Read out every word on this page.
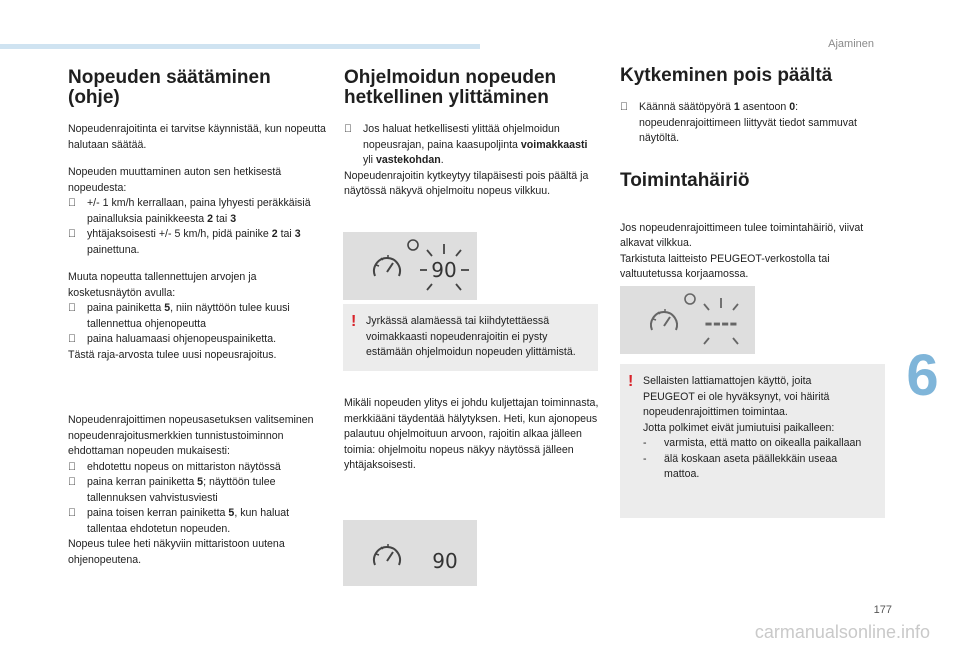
Ajaminen
6
177
carmanualsonline.info
Nopeuden säätäminen
(ohje)

Nopeudenrajoitinta ei tarvitse käynnistää, kun nopeutta halutaan säätää.

Nopeuden muuttaminen auton sen hetkisestä
nopeudesta:
+/- 1 km/h kerrallaan, paina lyhyesti peräkkäisiä painalluksia painikkeesta 2 tai 3
yhtäjaksoisesti +/- 5 km/h, pidä painike 2 tai 3 painettuna.
Muuta nopeutta tallennettujen arvojen ja
kosketusnäytön avulla:
paina painiketta 5, niin näyttöön tulee kuusi tallennettua ohjenopeutta
paina haluamaasi ohjenopeuspainiketta.
Tästä raja-arvosta tulee uusi nopeusrajoitus.
Nopeudenrajoittimen nopeusasetuksen valitseminen nopeudenrajoitusmerkkien tunnistustoiminnon ehdottaman nopeuden mukaisesti:
ehdotettu nopeus on mittariston näytössä
paina kerran painiketta 5; näyttöön tulee tallennuksen vahvistusviesti
paina toisen kerran painiketta 5, kun haluat tallentaa ehdotetun nopeuden.
Nopeus tulee heti näkyviin mittaristoon uutena ohjenopeutena.
Ohjelmoidun nopeuden
hetkellinen ylittäminen
Jos haluat hetkellisesti ylittää ohjelmoidun nopeusrajan, paina kaasupoljinta voimakkaasti yli vastekohdan.
Nopeudenrajoitin kytkeytyy tilapäisesti pois päältä ja näytössä näkyvä ohjelmoitu nopeus vilkkuu.
90
! Jyrkässä alamäessä tai kiihdytettäessä voimakkaasti nopeudenrajoitin ei pysty estämään ohjelmoidun nopeuden ylittämistä.
Mikäli nopeuden ylitys ei johdu kuljettajan toiminnasta, merkkiääni täydentää hälytyksen. Heti, kun ajonopeus palautuu ohjelmoituun arvoon, rajoitin alkaa jälleen toimia: ohjelmoitu nopeus näkyy näytössä jälleen yhtäjaksoisesti.
90
Kytkeminen pois päältä
Käännä säätöpyörä 1 asentoon 0: nopeudenrajoittimeen liittyvät tiedot sammuvat näytöltä.
Toimintahäiriö
Jos nopeudenrajoittimeen tulee toimintahäiriö, viivat alkavat vilkkua.
Tarkistuta laitteisto PEUGEOT-verkostolla tai valtuutetussa korjaamossa.
----
! Sellaisten lattiamattojen käyttö, joita PEUGEOT ei ole hyväksynyt, voi häiritä nopeudenrajoittimen toimintaa.
Jotta polkimet eivät jumiutuisi paikalleen:
-	varmista, että matto on oikealla paikallaan
-	älä koskaan aseta päällekkäin useaa mattoa.
